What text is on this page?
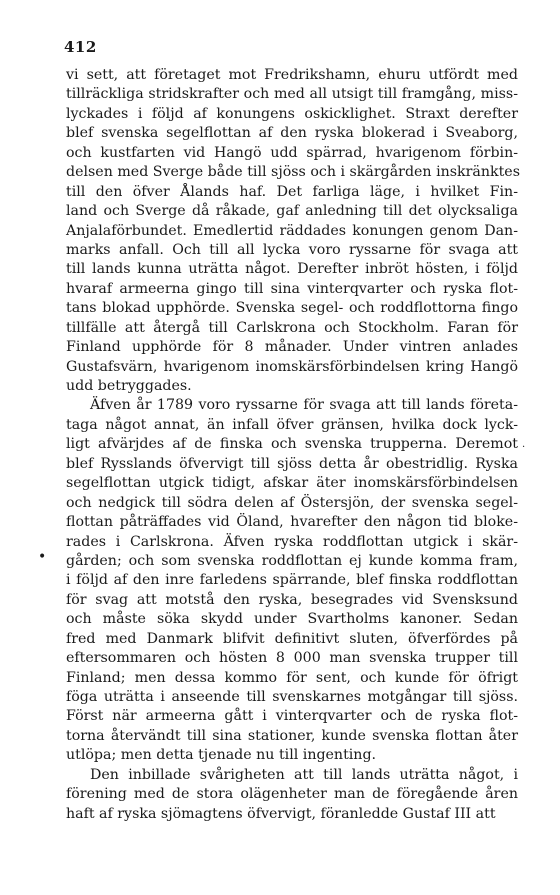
412
vi sett, att företaget mot Fredrikshamn, ehuru utfördt med
tillräckliga stridskrafter och med all utsigt till framgång, miss-
lyckades i följd af konungens oskicklighet. Straxt derefter
blef svenska segelflottan af den ryska blokerad i Sveaborg,
och kustfarten vid Hangö udd spärrad, hvarigenom förbin-
delsen med Sverge både till sjöss och i skärgården inskränktes
till den öfver Ålands haf. Det farliga läge, i hvilket Fin-
land och Sverge då råkade, gaf anledning till det olycksaliga
Anjalaförbundet. Emedlertid räddades konungen genom Dan-
marks anfall. Och till all lycka voro ryssarne för svaga att
till lands kunna uträtta något. Derefter inbröt hösten, i följd
hvaraf armeerna gingo till sina vinterqvarter och ryska flot-
tans blokad upphörde. Svenska segel- och roddflottorna fingo
tillfälle att återgå till Carlskrona och Stockholm. Faran för
Finland upphörde för 8 månader. Under vintren anlades
Gustafsvärn, hvarigenom inomskärsförbindelsen kring Hangö
udd betryggades.
Äfven år 1789 voro ryssarne för svaga att till lands företa-
taga något annat, än infall öfver gränsen, hvilka dock lyck-
ligt afvärjdes af de finska och svenska trupperna. Deremot
blef Rysslands öfvervigt till sjöss detta år obestridlig. Ryska
segelflottan utgick tidigt, afskar äter inomskärsförbindelsen
och nedgick till södra delen af Östersjön, der svenska segel-
flottan påträffades vid Öland, hvarefter den någon tid bloke-
rades i Carlskrona. Äfven ryska roddflottan utgick i skär-
gården; och som svenska roddflottan ej kunde komma fram,
i följd af den inre farledens spärrande, blef finska roddflottan
för svag att motstå den ryska, besegrades vid Svensksund
och måste söka skydd under Svartholms kanoner. Sedan
fred med Danmark blifvit definitivt sluten, öfverfördes på
eftersommaren och hösten 8 000 man svenska trupper till
Finland; men dessa kommo för sent, och kunde för öfrigt
föga uträtta i anseende till svenskarnes motgångar till sjöss.
Först när armeerna gått i vinterqvarter och de ryska flot-
torna återvändt till sina stationer, kunde svenska flottan åter
utlöpa; men detta tjenade nu till ingenting.
Den inbillade svårigheten att till lands uträtta något, i
förening med de stora olägenheter man de föregående åren
haft af ryska sjömagtens öfvervigt, föranledde Gustaf III att
.
•
